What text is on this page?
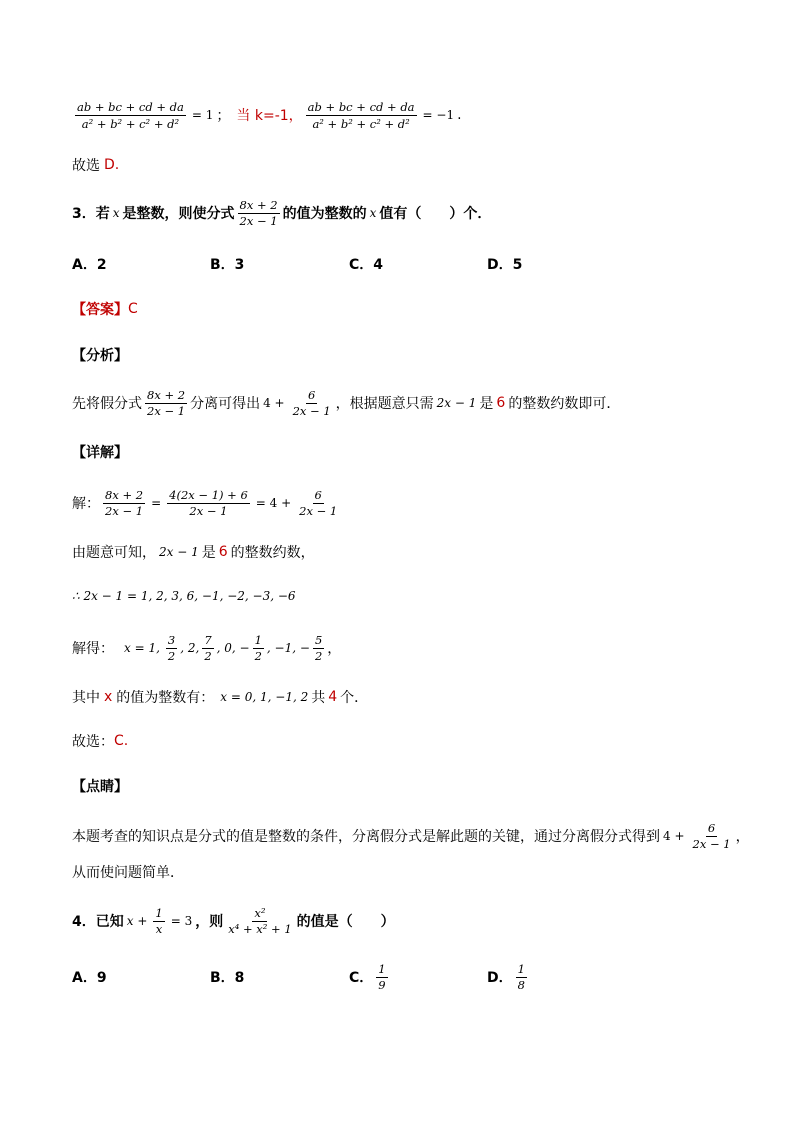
$\frac{ab + bc + cd + da}{\text{a² + b² + c² + d²}} = 1$ ； 当 k=-1， $\frac{ab + bc + cd + da}{\text{a² + b² + c² + d²}} = -1$ .
故选 D.
3．若 x 是整数，则使分式 $\frac{8x + 2}{2x - 1}$ 的值为整数的 x 值有（　　）个．
A．2	B．3	C．4	D．5
【答案】 C
【分析】
先将假分式 $\frac{8x + 2}{2x - 1}$ 分离可得出 $4 + \frac{6}{2x - 1}$ ，根据题意只需 2x − 1 是 6 的整数约数即可．
【详解】
解： $\frac{8x + 2}{2x - 1} = \frac{4(2x - 1) + 6}{2x - 1} = 4 + \frac{6}{2x - 1}$
由题意可知， 2x − 1 是 6 的整数约数，
∴ 2x − 1 = 1, 2, 3, 6, −1, −2, −3, −6
解得： x = 1, $\frac{3}{2}$ , 2, $\frac{7}{2}$ , 0, − $\frac{1}{2}$ , −1, − $\frac{5}{2}$ ，
其中 x 的值为整数有： x = 0, 1, −1, 2 共 4 个．
故选： C.
【点睛】
本题考查的知识点是分式的值是整数的条件，分离假分式是解此题的关键，通过分离假分式得到 $4 + \frac{6}{2x - 1}$ ，
从而使问题简单．
4．已知 $x + \frac{1}{x} = 3$ ，则 $\frac{\text{x²}}{\text{x⁴ + x² + 1}}$ 的值是（　　）
A．9	B．8	C． $\frac{1}{9}$	D． $\frac{1}{8}$
